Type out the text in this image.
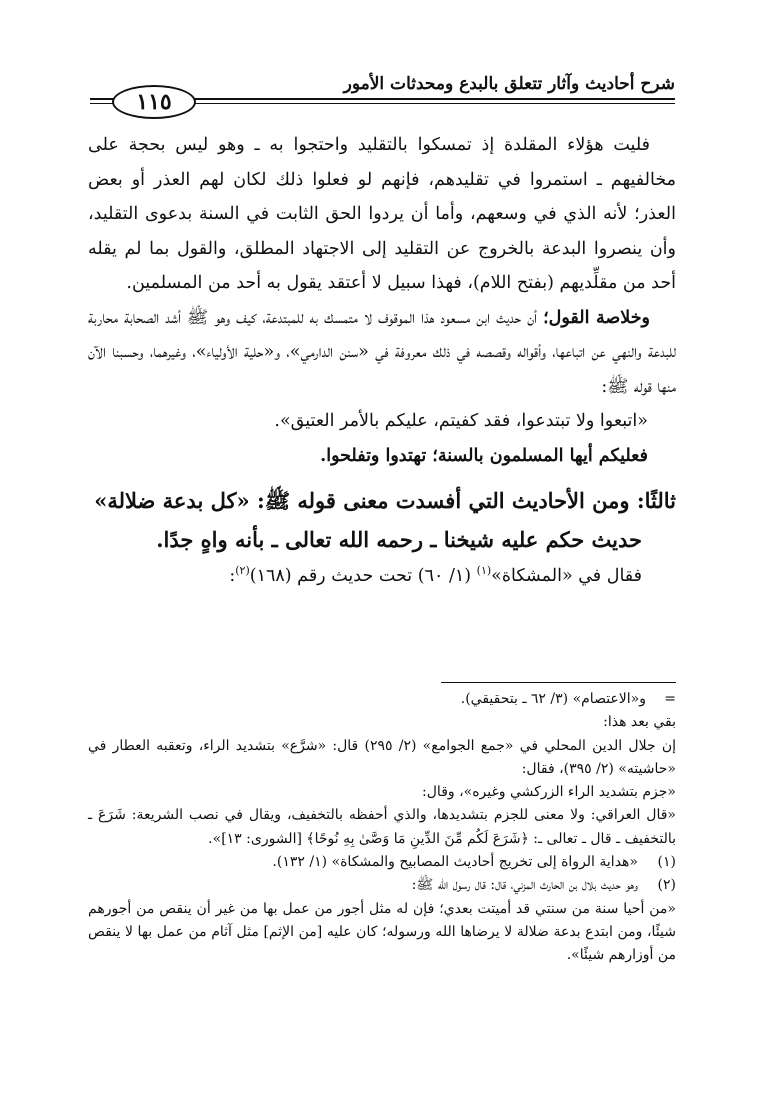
شرح أحاديث وآثار تتعلق بالبدع ومحدثات الأمور
١١٥

فليت هؤلاء المقلدة إذ تمسكوا بالتقليد واحتجوا به ـ وهو ليس بحجة على مخالفيهم ـ استمروا في تقليدهم، فإنهم لو فعلوا ذلك لكان لهم العذر أو بعض العذر؛ لأنه الذي في وسعهم، وأما أن يردوا الحق الثابت في السنة بدعوى التقليد، وأن ينصروا البدعة بالخروج عن التقليد إلى الاجتهاد المطلق، والقول بما لم يقله أحد من مقلِّديهم (بفتح اللام)، فهذا سبيل لا أعتقد يقول به أحد من المسلمين.

وخلاصة القول؛ أن حديث ابن مسعود هذا الموقوف لا متمسك به للمبتدعة، كيف وهو ﷺ أشد الصحابة محاربة للبدعة والنهي عن اتباعها، وأقواله وقصصه في ذلك معروفة في «سنن الدارمي»، و«حلية الأولياء»، وغيرهما، وحسبنا الآن منها قوله ﷺ:

«اتبعوا ولا تبتدعوا، فقد كفيتم، عليكم بالأمر العتيق».

فعليكم أيها المسلمون بالسنة؛ تهتدوا وتفلحوا.

ثالثًا: ومن الأحاديث التي أفسدت معنى قوله ﷺ: «كل بدعة ضلالة»

حديث حكم عليه شيخنا ـ رحمه الله تعالى ـ بأنه واهٍ جدًا.

فقال في «المشكاة»$^{(١)}$ (١/ ٦٠) تحت حديث رقم (١٦٨)$^{(٢)}$:

=
و«الاعتصام» (٣/ ٦٢ ـ بتحقيقي).

بقي بعد هذا:

إن جلال الدين المحلي في «جمع الجوامع» (٢/ ٢٩٥) قال: «شرَّع» بتشديد الراء، وتعقبه العطار في «حاشيته» (٢/ ٣٩٥)، فقال:

«جزم بتشديد الراء الزركشي وغيره»، وقال:

«قال العراقي: ولا معنى للجزم بتشديدها، والذي أحفظه بالتخفيف، ويقال في نصب الشريعة: شَرَعَ ـ بالتخفيف ـ قال ـ تعالى ـ: ﴿شَرَعَ لَكُم مِّنَ الدِّينِ مَا وَصَّىٰ بِهِ نُوحًا﴾ [الشورى: ١٣]».

(١)
«هداية الرواة إلى تخريج أحاديث المصابيح والمشكاة» (١/ ١٣٢).
(٢)
وهو حديث بلال بن الحارث المزني، قال: قال رسول الله ﷺ:

«من أحيا سنة من سنتي قد أميتت بعدي؛ فإن له مثل أجور من عمل بها من غير أن ينقص من أجورهم شيئًا، ومن ابتدع بدعة ضلالة لا يرضاها الله ورسوله؛ كان عليه [من الإثم] مثل آثام من عمل بها لا ينقص من أوزارهم شيئًا».
